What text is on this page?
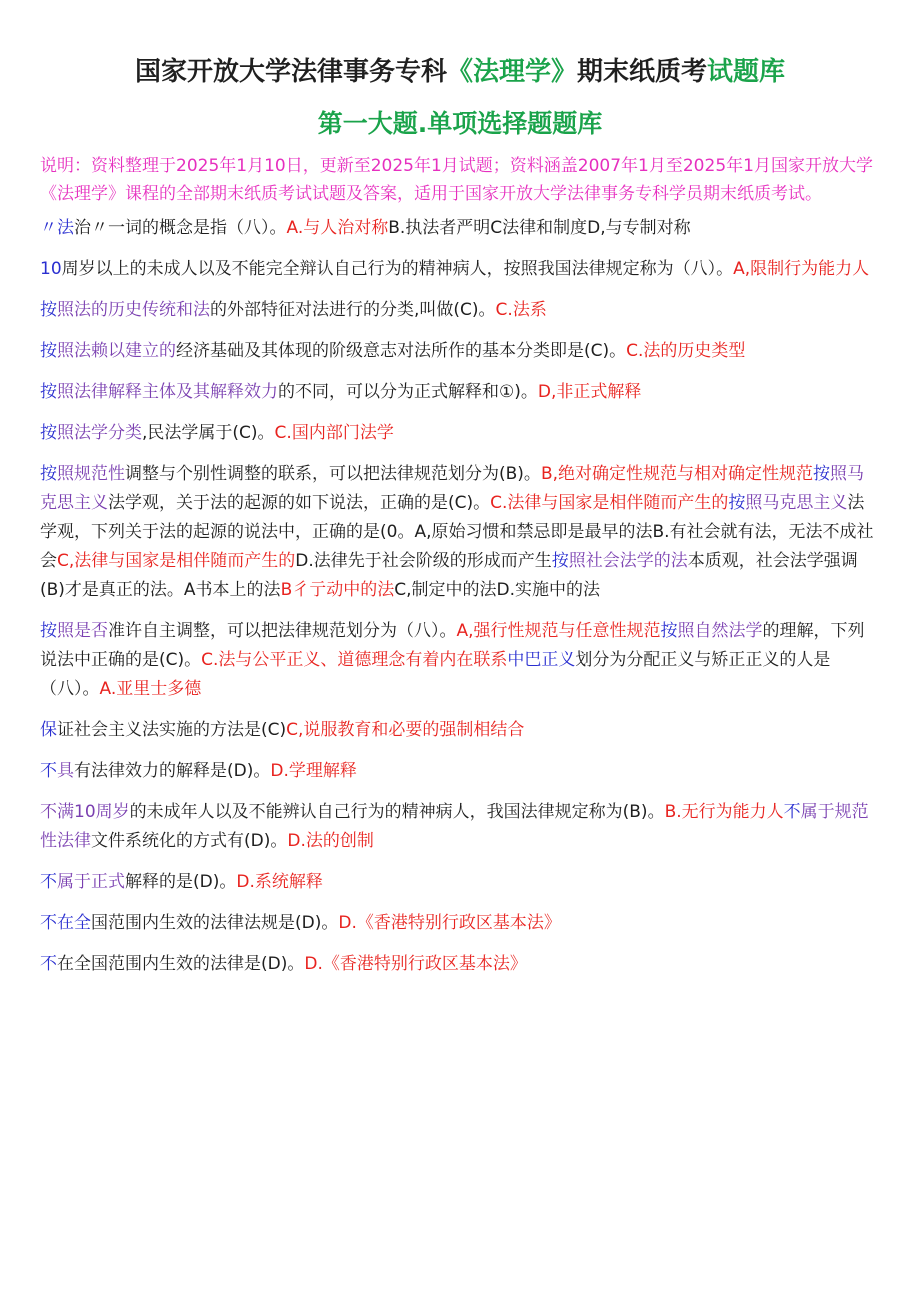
国家开放大学法律事务专科《法理学》期末纸质考试题库
第一大题.单项选择题题库

说明：资料整理于2025年1月10日，更新至2025年1月试题；资料涵盖2007年1月至2025年1月国家开放大学《法理学》课程的全部期末纸质考试试题及答案，适用于国家开放大学法律事务专科学员期末纸质考试。

〃法治〃一词的概念是指（八）。A.与人治对称B.执法者严明C法律和制度D,与专制对称

10周岁以上的未成人以及不能完全辩认自己行为的精神病人，按照我国法律规定称为（八）。A,限制行为能力人

按照法的历史传统和法的外部特征对法进行的分类,叫做(C)。C.法系

按照法赖以建立的经济基础及其体现的阶级意志对法所作的基本分类即是(C)。C.法的历史类型

按照法律解释主体及其解释效力的不同，可以分为正式解释和①)。D,非正式解释

按照法学分类,民法学属于(C)。C.国内部门法学

按照规范性调整与个别性调整的联系，可以把法律规范划分为(B)。B,绝对确定性规范与相对确定性规范按照马克思主义法学观，关于法的起源的如下说法，正确的是(C)。C.法律与国家是相伴随而产生的按照马克思主义法学观，下列关于法的起源的说法中，正确的是(0。A,原始习惯和禁忌即是最早的法B.有社会就有法，无法不成社会C,法律与国家是相伴随而产生的D.法律先于社会阶级的形成而产生按照社会法学的法本质观，社会法学强调(B)才是真正的法。A书本上的法B彳亍动中的法C,制定中的法D.实施中的法

按照是否准许自主调整，可以把法律规范划分为（八）。A,强行性规范与任意性规范按照自然法学的理解，下列说法中正确的是(C)。C.法与公平正义、道德理念有着内在联系中巴正义划分为分配正义与矫正正义的人是（八）。A.亚里士多德

保证社会主义法实施的方法是(C)C,说服教育和必要的强制相结合

不具有法律效力的解释是(D)。D.学理解释

不满10周岁的未成年人以及不能辨认自己行为的精神病人，我国法律规定称为(B)。B.无行为能力人不属于规范性法律文件系统化的方式有(D)。D.法的创制

不属于正式解释的是(D)。D.系统解释

不在全国范围内生效的法律法规是(D)。D.《香港特别行政区基本法》

不在全国范围内生效的法律是(D)。D.《香港特别行政区基本法》
